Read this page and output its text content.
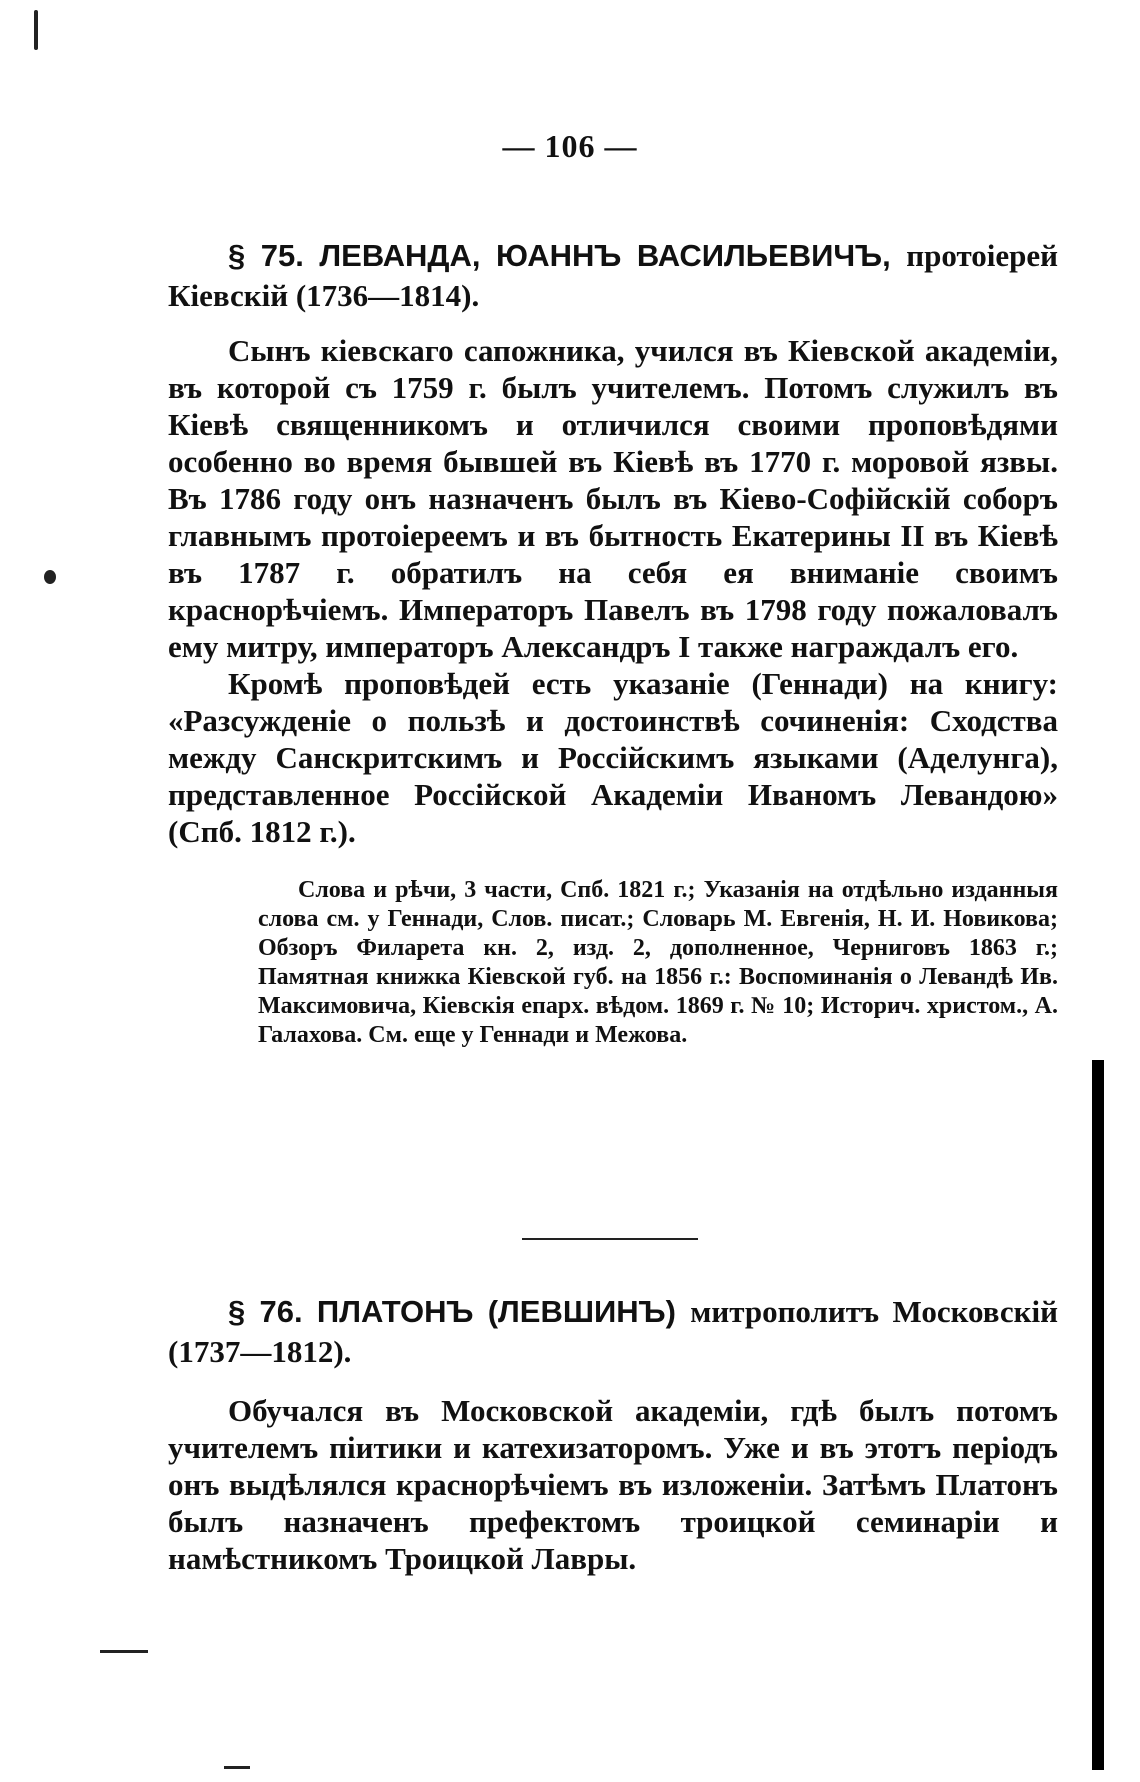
— 106 —

§ 75. ЛЕВАНДА, ЮАННЪ ВАСИЛЬЕВИЧЪ, протоіерей Кіевскій (1736—1814).

Сынъ кіевскаго сапожника, учился въ Кіевской академіи, въ которой съ 1759 г. былъ учителемъ. Потомъ служилъ въ Кіевѣ священникомъ и отличился своими проповѣдями особенно во время бывшей въ Кіевѣ въ 1770 г. моровой язвы. Въ 1786 году онъ назначенъ былъ въ Кіево-Софійскій соборъ главнымъ протоіереемъ и въ бытность Екатерины II въ Кіевѣ въ 1787 г. обратилъ на себя ея вниманіе своимъ краснорѣчіемъ. Императоръ Павелъ въ 1798 году пожаловалъ ему митру, императоръ Александръ I также награждалъ его.

Кромѣ проповѣдей есть указаніе (Геннади) на книгу: «Разсужденіе о пользѣ и достоинствѣ сочиненія: Сходства между Санскритскимъ и Россійскимъ языками (Аделунга), представленное Россійской Академіи Иваномъ Левандою» (Спб. 1812 г.).

Слова и рѣчи, 3 части, Спб. 1821 г.; Указанія на отдѣльно изданныя слова см. у Геннади, Слов. писат.; Словарь М. Евгенія, Н. И. Новикова; Обзоръ Филарета кн. 2, изд. 2, дополненное, Черниговъ 1863 г.; Памятная книжка Кіевской губ. на 1856 г.: Воспоминанія о Левандѣ Ив. Максимовича, Кіевскія епарх. вѣдом. 1869 г. № 10; Историч. христом., А. Галахова. См. еще у Геннади и Межова.

§ 76. ПЛАТОНЪ (ЛЕВШИНЪ) митрополитъ Московскій (1737—1812).

Обучался въ Московской академіи, гдѣ былъ потомъ учителемъ пiитики и катехизаторомъ. Уже и въ этотъ періодъ онъ выдѣлялся краснорѣчіемъ въ изложеніи. Затѣмъ Платонъ былъ назначенъ префектомъ троицкой семинаріи и намѣстникомъ Троицкой Лавры.
